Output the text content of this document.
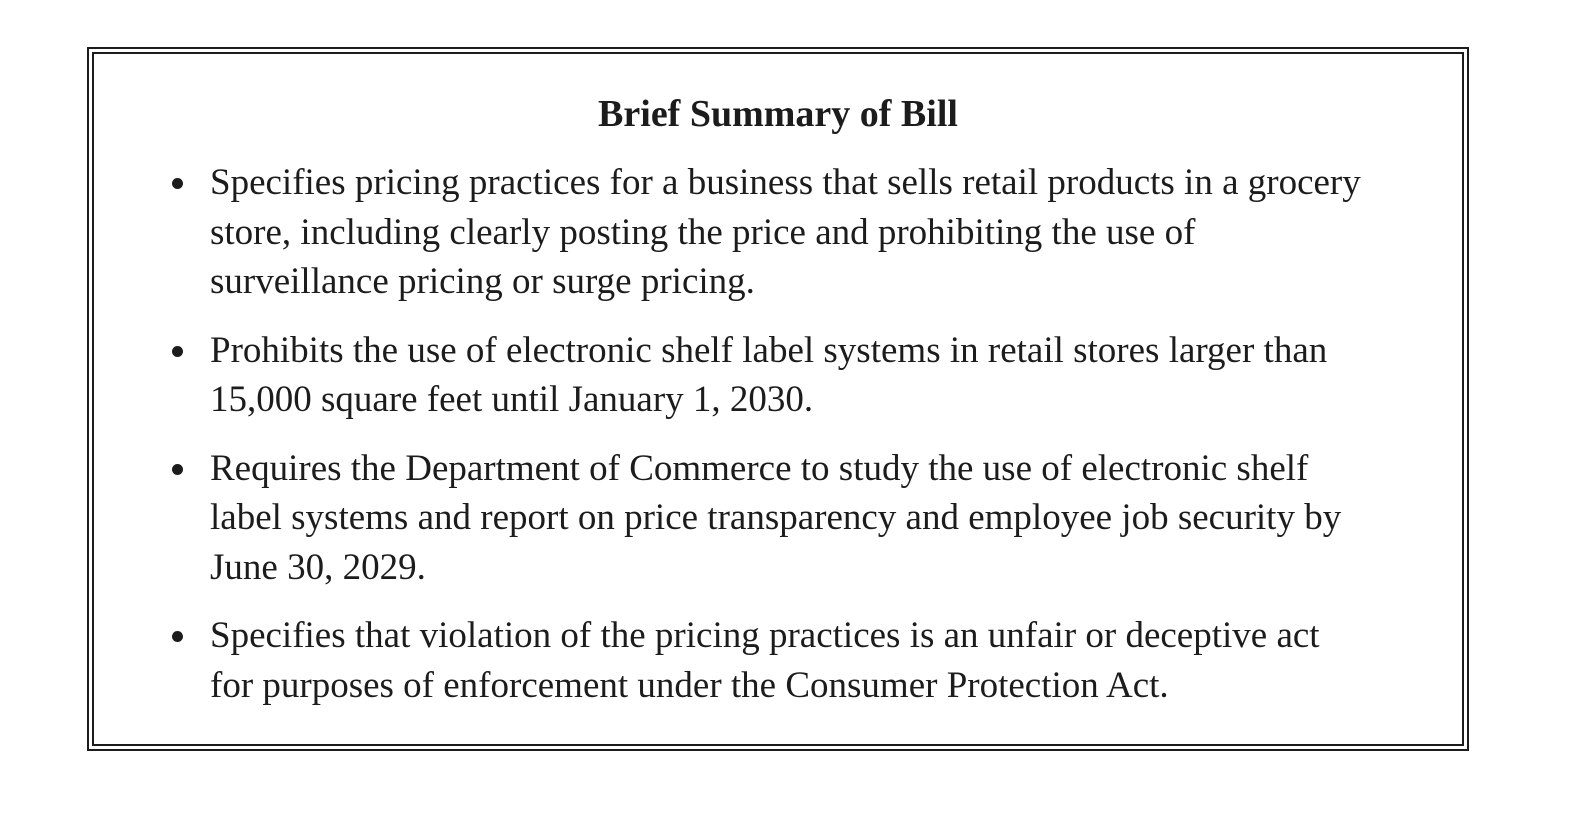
Brief Summary of Bill
Specifies pricing practices for a business that sells retail products in a grocery store, including clearly posting the price and prohibiting the use of surveillance pricing or surge pricing.
Prohibits the use of electronic shelf label systems in retail stores larger than 15,000 square feet until January 1, 2030.
Requires the Department of Commerce to study the use of electronic shelf label systems and report on price transparency and employee job security by June 30, 2029.
Specifies that violation of the pricing practices is an unfair or deceptive act for purposes of enforcement under the Consumer Protection Act.
